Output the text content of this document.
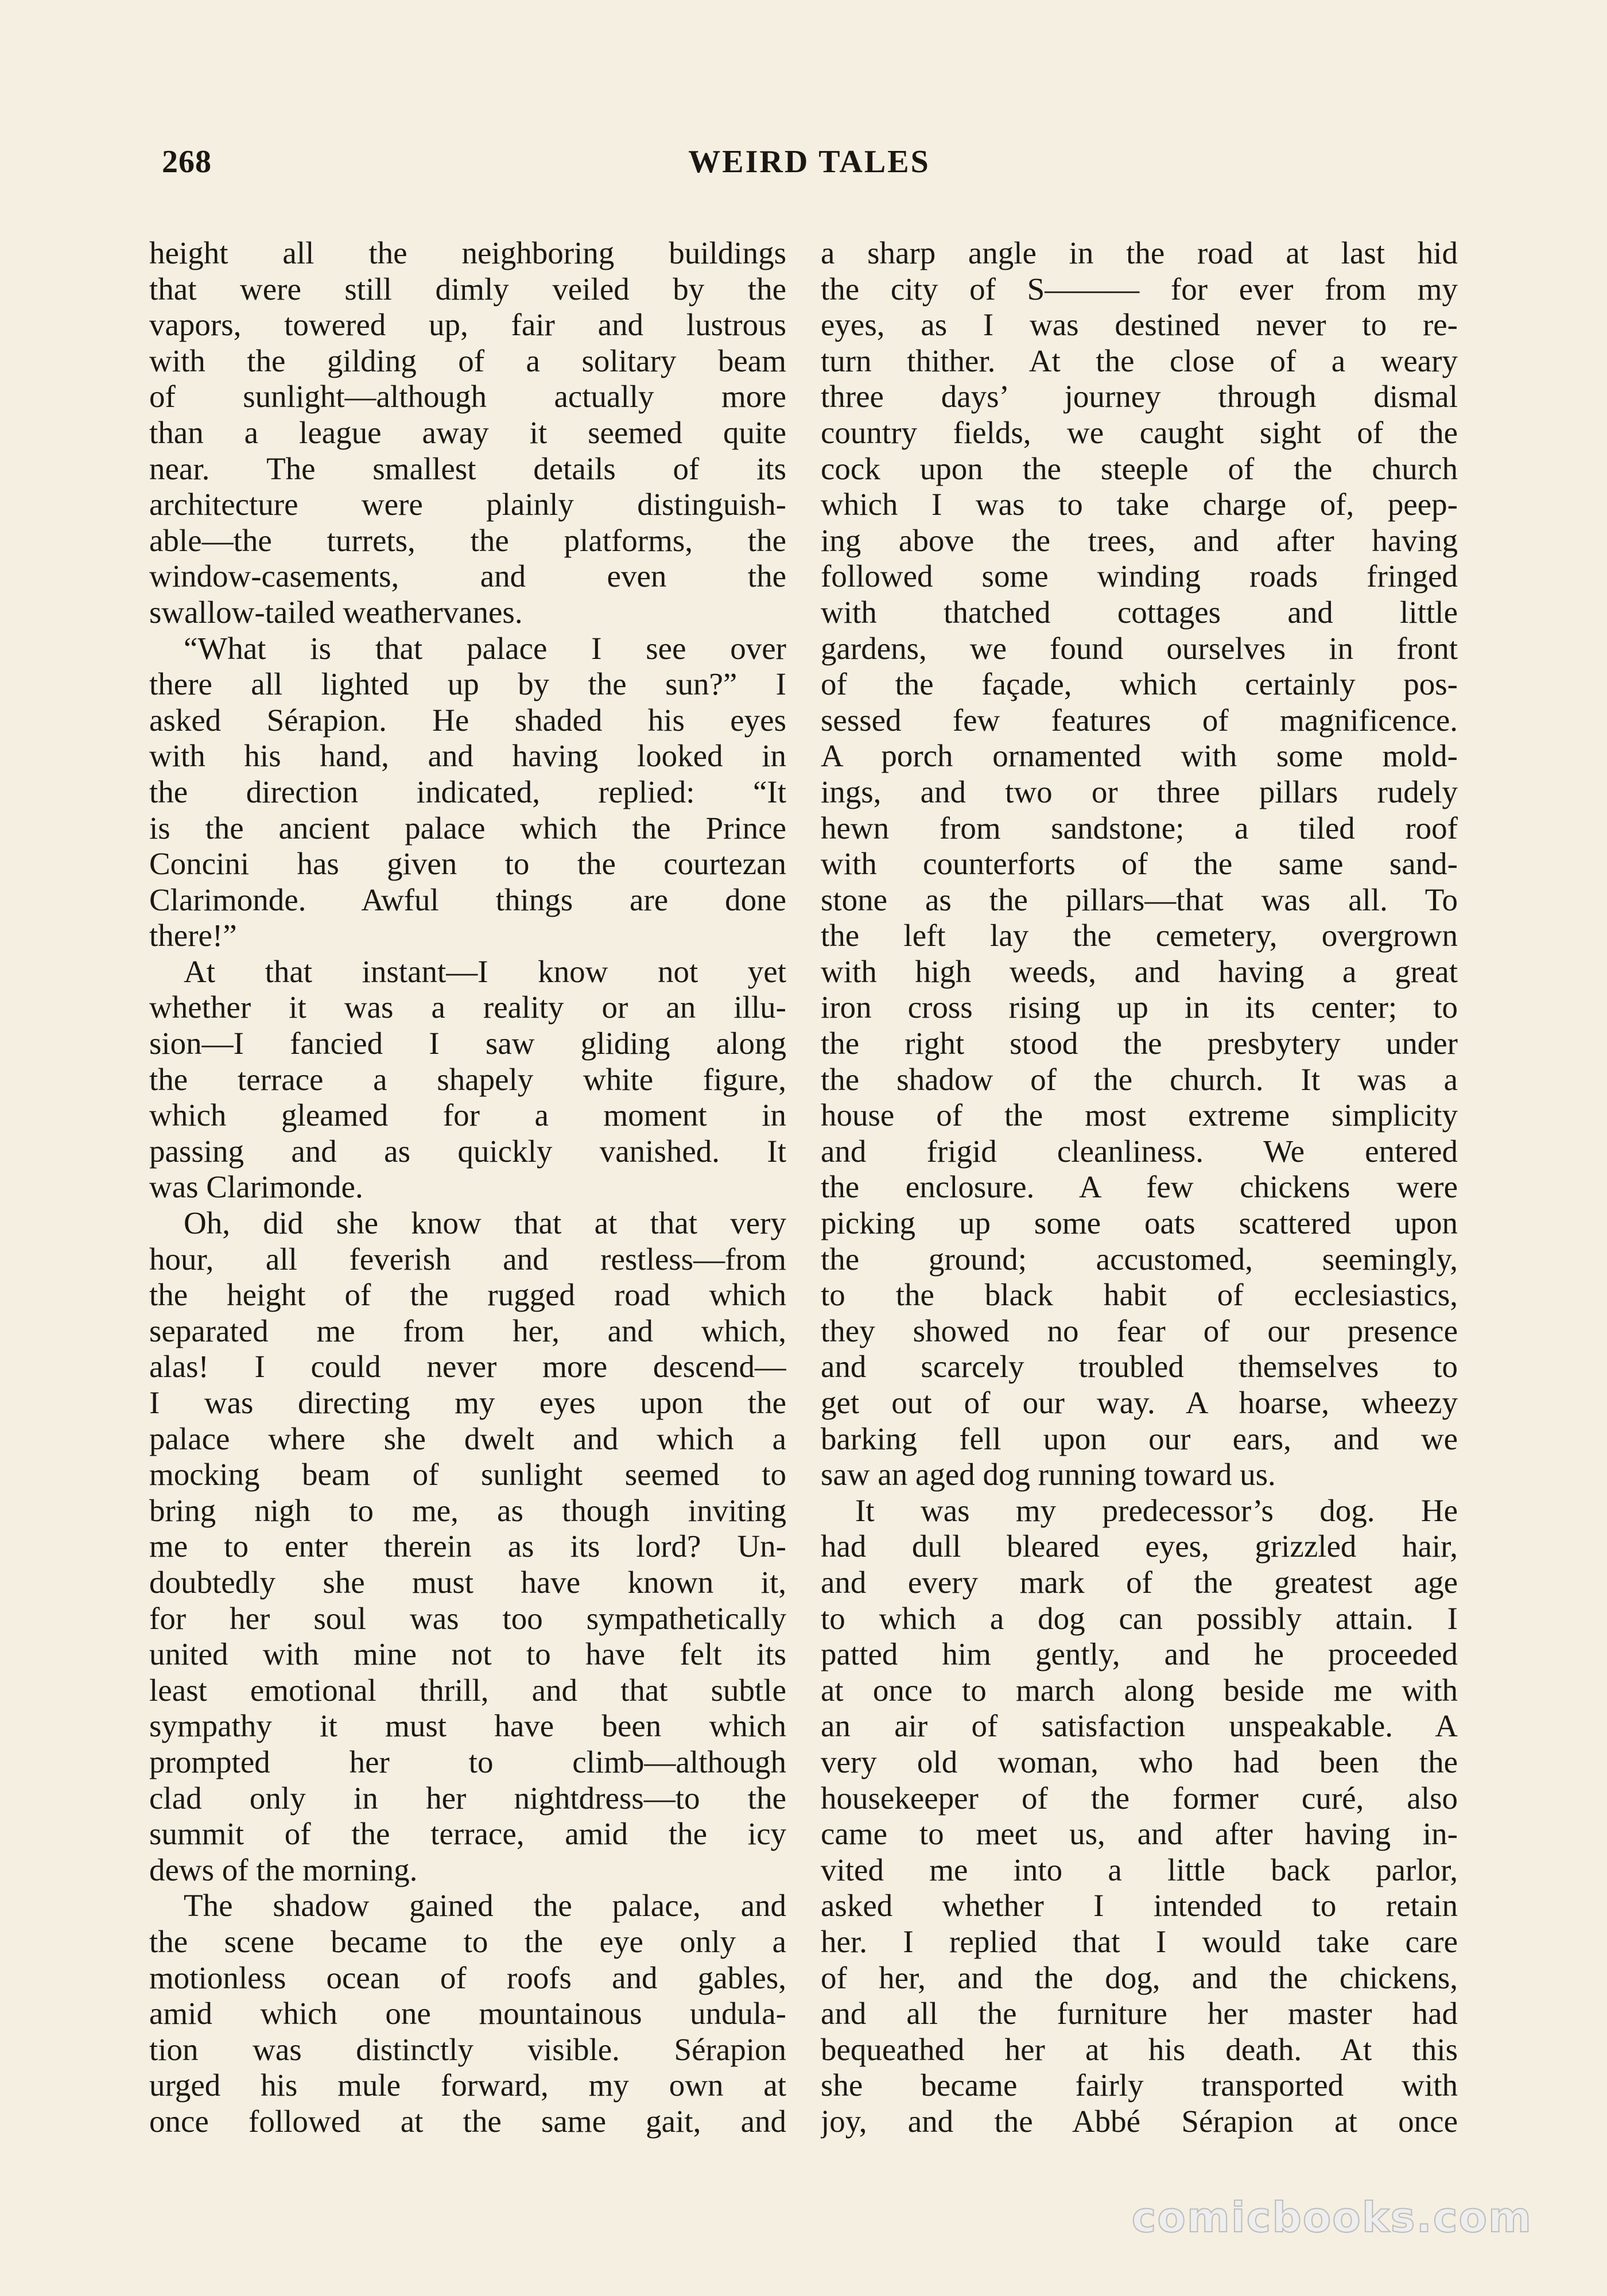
268	WEIRD TALES
height all the neighboring buildings
that were still dimly veiled by the
vapors, towered up, fair and lustrous
with the gilding of a solitary beam
of sunlight—although actually more
than a league away it seemed quite
near. The smallest details of its
architecture were plainly distinguish-
able—the turrets, the platforms, the
window-casements, and even the
swallow-tailed weathervanes.
“What is that palace I see over
there all lighted up by the sun?” I
asked Sérapion. He shaded his eyes
with his hand, and having looked in
the direction indicated, replied: “It
is the ancient palace which the Prince
Concini has given to the courtezan
Clarimonde. Awful things are done
there!”
At that instant—I know not yet
whether it was a reality or an illu-
sion—I fancied I saw gliding along
the terrace a shapely white figure,
which gleamed for a moment in
passing and as quickly vanished. It
was Clarimonde.
Oh, did she know that at that very
hour, all feverish and restless—from
the height of the rugged road which
separated me from her, and which,
alas! I could never more descend—
I was directing my eyes upon the
palace where she dwelt and which a
mocking beam of sunlight seemed to
bring nigh to me, as though inviting
me to enter therein as its lord? Un-
doubtedly she must have known it,
for her soul was too sympathetically
united with mine not to have felt its
least emotional thrill, and that subtle
sympathy it must have been which
prompted her to climb—although
clad only in her nightdress—to the
summit of the terrace, amid the icy
dews of the morning.
The shadow gained the palace, and
the scene became to the eye only a
motionless ocean of roofs and gables,
amid which one mountainous undula-
tion was distinctly visible. Sérapion
urged his mule forward, my own at
once followed at the same gait, and
a sharp angle in the road at last hid
the city of S——— for ever from my
eyes, as I was destined never to re-
turn thither. At the close of a weary
three days’ journey through dismal
country fields, we caught sight of the
cock upon the steeple of the church
which I was to take charge of, peep-
ing above the trees, and after having
followed some winding roads fringed
with thatched cottages and little
gardens, we found ourselves in front
of the façade, which certainly pos-
sessed few features of magnificence.
A porch ornamented with some mold-
ings, and two or three pillars rudely
hewn from sandstone; a tiled roof
with counterforts of the same sand-
stone as the pillars—that was all. To
the left lay the cemetery, overgrown
with high weeds, and having a great
iron cross rising up in its center; to
the right stood the presbytery under
the shadow of the church. It was a
house of the most extreme simplicity
and frigid cleanliness. We entered
the enclosure. A few chickens were
picking up some oats scattered upon
the ground; accustomed, seemingly,
to the black habit of ecclesiastics,
they showed no fear of our presence
and scarcely troubled themselves to
get out of our way. A hoarse, wheezy
barking fell upon our ears, and we
saw an aged dog running toward us.
It was my predecessor’s dog. He
had dull bleared eyes, grizzled hair,
and every mark of the greatest age
to which a dog can possibly attain. I
patted him gently, and he proceeded
at once to march along beside me with
an air of satisfaction unspeakable. A
very old woman, who had been the
housekeeper of the former curé, also
came to meet us, and after having in-
vited me into a little back parlor,
asked whether I intended to retain
her. I replied that I would take care
of her, and the dog, and the chickens,
and all the furniture her master had
bequeathed her at his death. At this
she became fairly transported with
joy, and the Abbé Sérapion at once
comicbooks.com
